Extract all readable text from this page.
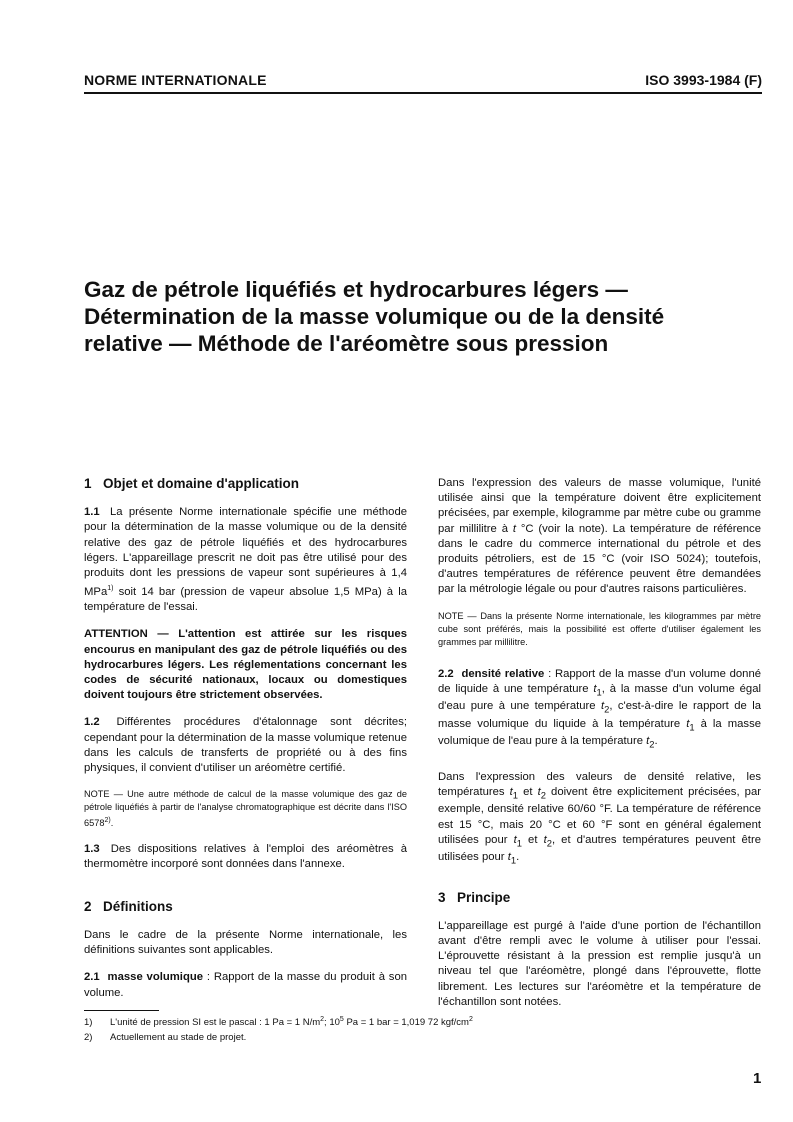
NORME INTERNATIONALE	ISO 3993-1984 (F)
Gaz de pétrole liquéfiés et hydrocarbures légers —
Détermination de la masse volumique ou de la densité
relative — Méthode de l'aréomètre sous pression
1 Objet et domaine d'application

1.1 La présente Norme internationale spécifie une méthode pour la détermination de la masse volumique ou de la densité relative des gaz de pétrole liquéfiés et des hydrocarbures légers. L'appareillage prescrit ne doit pas être utilisé pour des produits dont les pressions de vapeur sont supérieures à 1,4 MPa$^{1)}$ soit 14 bar (pression de vapeur absolue 1,5 MPa) à la température de l'essai.

ATTENTION — L'attention est attirée sur les risques encourus en manipulant des gaz de pétrole liquéfiés ou des hydrocarbures légers. Les réglementations concernant les codes de sécurité nationaux, locaux ou domestiques doivent toujours être strictement observées.

1.2 Différentes procédures d'étalonnage sont décrites; cependant pour la détermination de la masse volumique retenue dans les calculs de transferts de propriété ou à des fins physiques, il convient d'utiliser un aréomètre certifié.

NOTE — Une autre méthode de calcul de la masse volumique des gaz de pétrole liquéfiés à partir de l'analyse chromatographique est décrite dans l'ISO 6578$^{2)}$.

1.3 Des dispositions relatives à l'emploi des aréomètres à thermomètre incorporé sont données dans l'annexe.

2 Définitions

Dans le cadre de la présente Norme internationale, les définitions suivantes sont applicables.

2.1 masse volumique : Rapport de la masse du produit à son volume.

Dans l'expression des valeurs de masse volumique, l'unité utilisée ainsi que la température doivent être explicitement précisées, par exemple, kilogramme par mètre cube ou gramme par millilitre à t °C (voir la note). La température de référence dans le cadre du commerce international du pétrole et des produits pétroliers, est de 15 °C (voir ISO 5024); toutefois, d'autres températures de référence peuvent être demandées par la métrologie légale ou pour d'autres raisons particulières.

NOTE — Dans la présente Norme internationale, les kilogrammes par mètre cube sont préférés, mais la possibilité est offerte d'utiliser également les grammes par millilitre.

2.2 densité relative : Rapport de la masse d'un volume donné de liquide à une température $t_1$, à la masse d'un volume égal d'eau pure à une température $t_2$, c'est-à-dire le rapport de la masse volumique du liquide à la température $t_1$ à la masse volumique de l'eau pure à la température $t_2$.

Dans l'expression des valeurs de densité relative, les températures $t_1$ et $t_2$ doivent être explicitement précisées, par exemple, densité relative 60/60 °F. La température de référence est 15 °C, mais 20 °C et 60 °F sont en général également utilisées pour $t_1$ et $t_2$, et d'autres températures peuvent être utilisées pour $t_1$.

3 Principe

L'appareillage est purgé à l'aide d'une portion de l'échantillon avant d'être rempli avec le volume à utiliser pour l'essai. L'éprouvette résistant à la pression est remplie jusqu'à un niveau tel que l'aréomètre, plongé dans l'éprouvette, flotte librement. Les lectures sur l'aréomètre et la température de l'échantillon sont notées.

1) L'unité de pression SI est le pascal : 1 Pa = 1 $N/m^2$; $10^5$ Pa = 1 bar = 1,019 72 kgf/$cm^2$
2) Actuellement au stade de projet.
1
